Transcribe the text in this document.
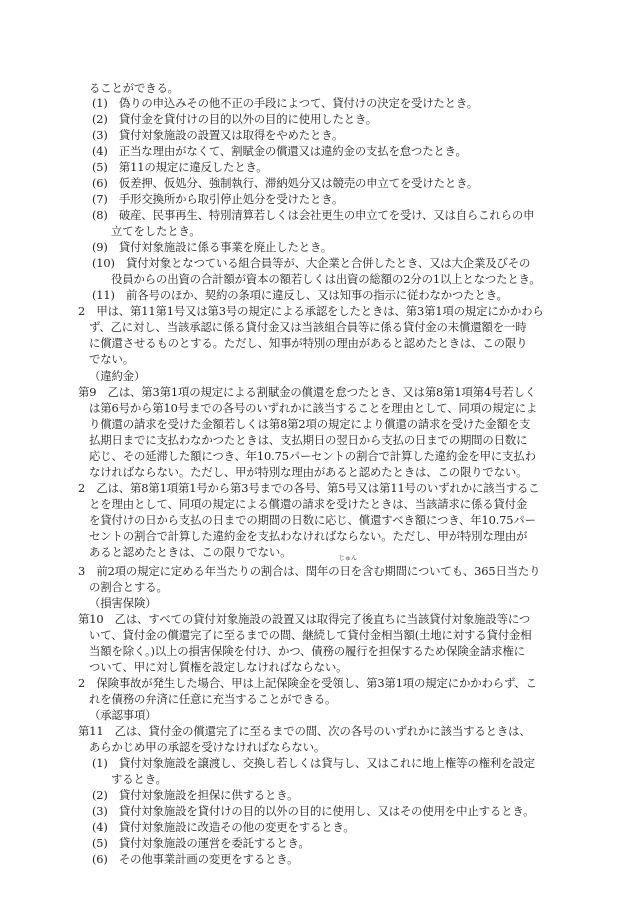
ることができる。
(1)　偽りの申込みその他不正の手段によつて、貸付けの決定を受けたとき。
(2)　貸付金を貸付けの目的以外の目的に使用したとき。
(3)　貸付対象施設の設置又は取得をやめたとき。
(4)　正当な理由がなくて、割賦金の償還又は違約金の支払を怠つたとき。
(5)　第11の規定に違反したとき。
(6)　仮差押、仮処分、強制執行、滞納処分又は競売の申立てを受けたとき。
(7)　手形交換所から取引停止処分を受けたとき。
(8)　破産、民事再生、特別清算若しくは会社更生の申立てを受け、又は自らこれらの申
立てをしたとき。
(9)　貸付対象施設に係る事業を廃止したとき。
(10)　貸付対象となつている組合員等が、大企業と合併したとき、又は大企業及びその
役員からの出資の合計額が資本の額若しくは出資の総額の2分の1以上となつたとき。
(11)　前各号のほか、契約の条項に違反し、又は知事の指示に従わなかつたとき。
2　甲は、第11第1号又は第3号の規定による承認をしたときは、第3第1項の規定にかかわら
ず、乙に対し、当該承認に係る貸付金又は当該組合員等に係る貸付金の未償還額を一時
に償還させるものとする。ただし、知事が特別の理由があると認めたときは、この限り
でない。
（違約金）
第9　乙は、第3第1項の規定による割賦金の償還を怠つたとき、又は第8第1項第4号若しく
は第6号から第10号までの各号のいずれかに該当することを理由として、同項の規定によ
り償還の請求を受けた金額若しくは第8第2項の規定により償還の請求を受けた金額を支
払期日までに支払わなかつたときは、支払期日の翌日から支払の日までの期間の日数に
応じ、その延滞した額につき、年10.75パーセントの割合で計算した違約金を甲に支払わ
なければならない。ただし、甲が特別な理由があると認めたときは、この限りでない。
2　乙は、第8第1項第1号から第3号までの各号、第5号又は第11号のいずれかに該当するこ
とを理由として、同項の規定による償還の請求を受けたときは、当該請求に係る貸付金
を貸付けの日から支払の日までの期間の日数に応じ、償還すべき額につき、年10.75パー
セントの割合で計算した違約金を支払わなければならない。ただし、甲が特別な理由が
あると認めたときは、この限りでない。	じゅん
3　前2項の規定に定める年当たりの割合は、閏年の日を含む期間についても、365日当たり
の割合とする。
（損害保険）
第10　乙は、すべての貸付対象施設の設置又は取得完了後直ちに当該貸付対象施設等につ
いて、貸付金の償還完了に至るまでの間、継続して貸付金相当額(土地に対する貸付金相
当額を除く。)以上の損害保険を付け、かつ、債務の履行を担保するため保険金請求権に
ついて、甲に対し質権を設定しなければならない。
2　保険事故が発生した場合、甲は上記保険金を受領し、第3第1項の規定にかかわらず、こ
れを債務の弁済に任意に充当することができる。
（承認事項）
第11　乙は、貸付金の償還完了に至るまでの間、次の各号のいずれかに該当するときは、
あらかじめ甲の承認を受けなければならない。
(1)　貸付対象施設を譲渡し、交換し若しくは貸与し、又はこれに地上権等の権利を設定
するとき。
(2)　貸付対象施設を担保に供するとき。
(3)　貸付対象施設を貸付けの目的以外の目的に使用し、又はその使用を中止するとき。
(4)　貸付対象施設に改造その他の変更をするとき。
(5)　貸付対象施設の運営を委託するとき。
(6)　その他事業計画の変更をするとき。
